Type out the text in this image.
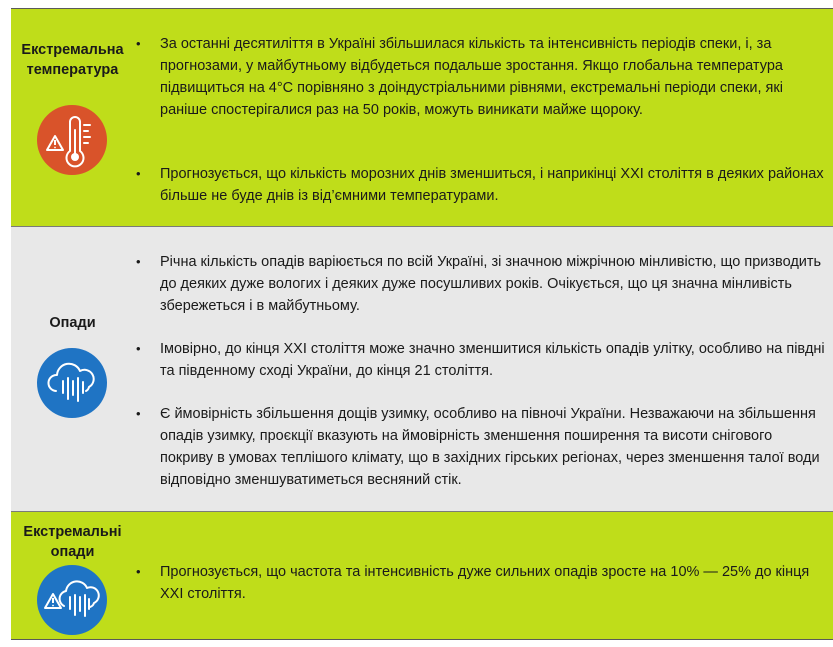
Екстремальна температура
• За останні десятиліття в Україні збільшилася кількість та інтенсивність періодів спеки, і, за прогнозами, у майбутньому відбудеться подальше зростання. Якщо глобальна температура підвищиться на 4°C порівняно з доіндустріальними рівнями, екстремальні періоди спеки, які раніше спостерігалися раз на 50 років, можуть виникати майже щороку.
• Прогнозується, що кількість морозних днів зменшиться, і наприкінці ХХІ століття в деяких районах більше не буде днів із від’ємними температурами.
Опади
• Річна кількість опадів варіюється по всій Україні, зі значною міжрічною мінливістю, що призводить до деяких дуже вологих і деяких дуже посушливих років. Очікується, що ця значна мінливість збережеться і в майбутньому.
• Імовірно, до кінця ХХІ століття може значно зменшитися кількість опадів улітку, особливо на півдні та південному сході України, до кінця 21 століття.
• Є ймовірність збільшення дощів узимку, особливо на півночі України. Незважаючи на збільшення опадів узимку, проєкції вказують на ймовірність зменшення поширення та висоти снігового покриву в умовах теплішого клімату, що в західних гірських регіонах, через зменшення талої води відповідно зменшуватиметься весняний стік.
Екстремальні опади
• Прогнозується, що частота та інтенсивність дуже сильних опадів зросте на 10% — 25% до кінця ХХІ століття.
